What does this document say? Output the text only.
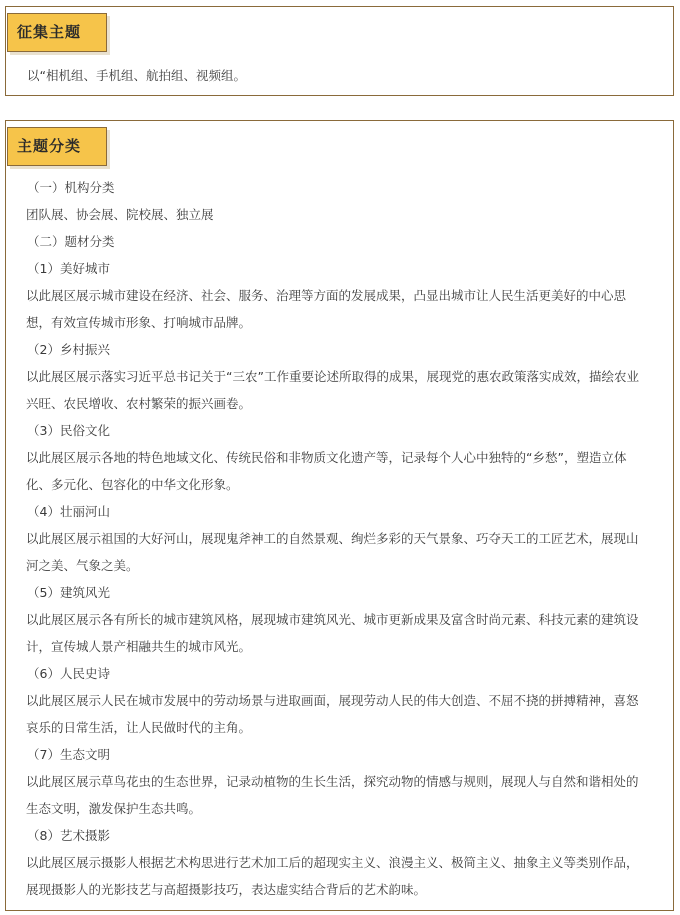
征集主题
以“相机组、手机组、航拍组、视频组。
主题分类

（一）机构分类

团队展、协会展、院校展、独立展

（二）题材分类

（1）美好城市

以此展区展示城市建设在经济、社会、服务、治理等方面的发展成果，凸显出城市让人民生活更美好的中心思想，有效宣传城市形象、打响城市品牌。

（2）乡村振兴

以此展区展示落实习近平总书记关于“三农”工作重要论述所取得的成果，展现党的惠农政策落实成效，描绘农业兴旺、农民增收、农村繁荣的振兴画卷。

（3）民俗文化

以此展区展示各地的特色地域文化、传统民俗和非物质文化遗产等，记录每个人心中独特的“乡愁”，塑造立体化、多元化、包容化的中华文化形象。

（4）壮丽河山

以此展区展示祖国的大好河山，展现鬼斧神工的自然景观、绚烂多彩的天气景象、巧夺天工的工匠艺术，展现山河之美、气象之美。

（5）建筑风光

以此展区展示各有所长的城市建筑风格，展现城市建筑风光、城市更新成果及富含时尚元素、科技元素的建筑设计，宣传城人景产相融共生的城市风光。

（6）人民史诗

以此展区展示人民在城市发展中的劳动场景与进取画面，展现劳动人民的伟大创造、不屈不挠的拼搏精神，喜怒哀乐的日常生活，让人民做时代的主角。

（7）生态文明

以此展区展示草鸟花虫的生态世界，记录动植物的生长生活，探究动物的情感与规则，展现人与自然和谐相处的生态文明，激发保护生态共鸣。

（8）艺术摄影

以此展区展示摄影人根据艺术构思进行艺术加工后的超现实主义、浪漫主义、极简主义、抽象主义等类别作品，展现摄影人的光影技艺与高超摄影技巧，表达虚实结合背后的艺术韵味。
